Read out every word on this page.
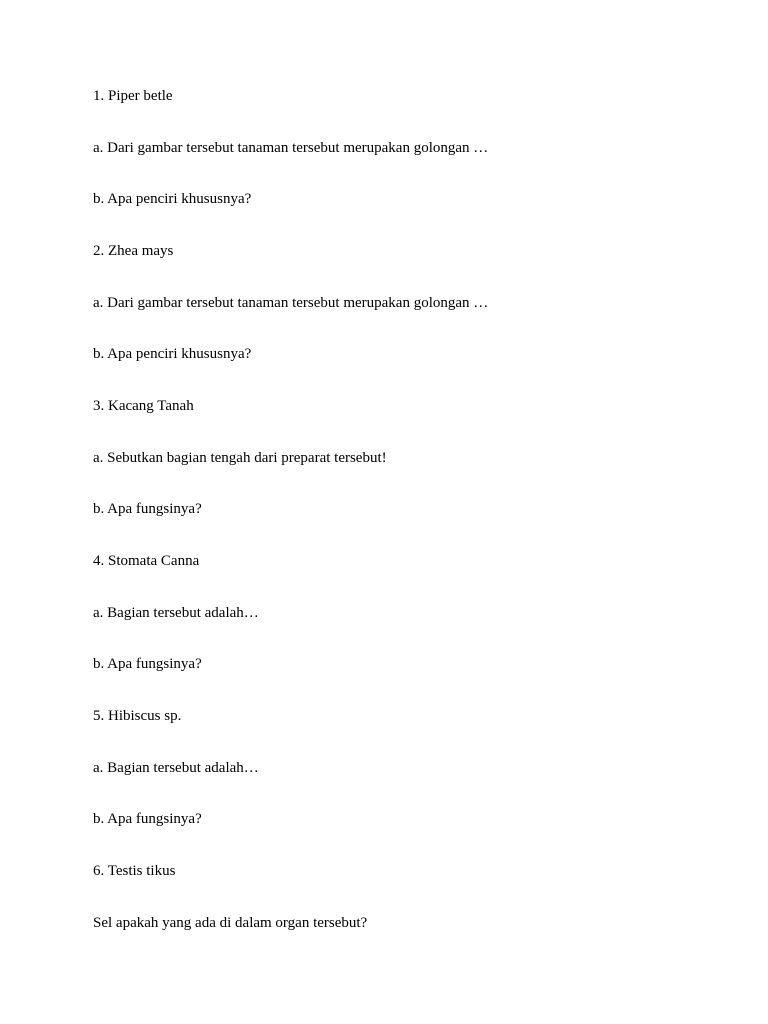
1. Piper betle

a. Dari gambar tersebut tanaman tersebut merupakan golongan …

b. Apa penciri khususnya?

2. Zhea mays

a. Dari gambar tersebut tanaman tersebut merupakan golongan …

b. Apa penciri khususnya?

3. Kacang Tanah

a. Sebutkan bagian tengah dari preparat tersebut!

b. Apa fungsinya?

4. Stomata Canna

a. Bagian tersebut adalah…

b. Apa fungsinya?

5. Hibiscus sp.

a. Bagian tersebut adalah…

b. Apa fungsinya?

6. Testis tikus

Sel apakah yang ada di dalam organ tersebut?
